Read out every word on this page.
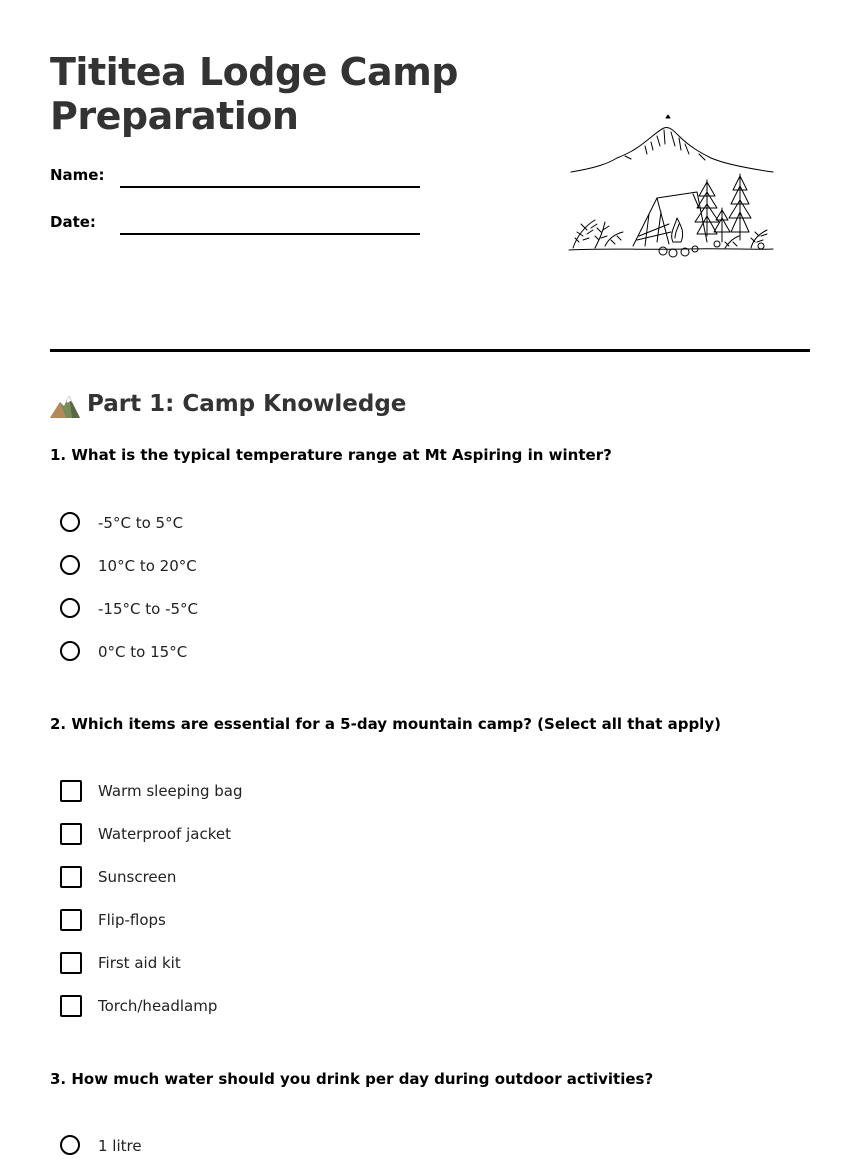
Tititea Lodge Camp Preparation
Name:
Date:
Part 1: Camp Knowledge

1. What is the typical temperature range at Mt Aspiring in winter?

-5°C to 5°C
10°C to 20°C
-15°C to -5°C
0°C to 15°C

2. Which items are essential for a 5-day mountain camp? (Select all that apply)

Warm sleeping bag
Waterproof jacket
Sunscreen
Flip-flops
First aid kit
Torch/headlamp

3. How much water should you drink per day during outdoor activities?

1 litre
